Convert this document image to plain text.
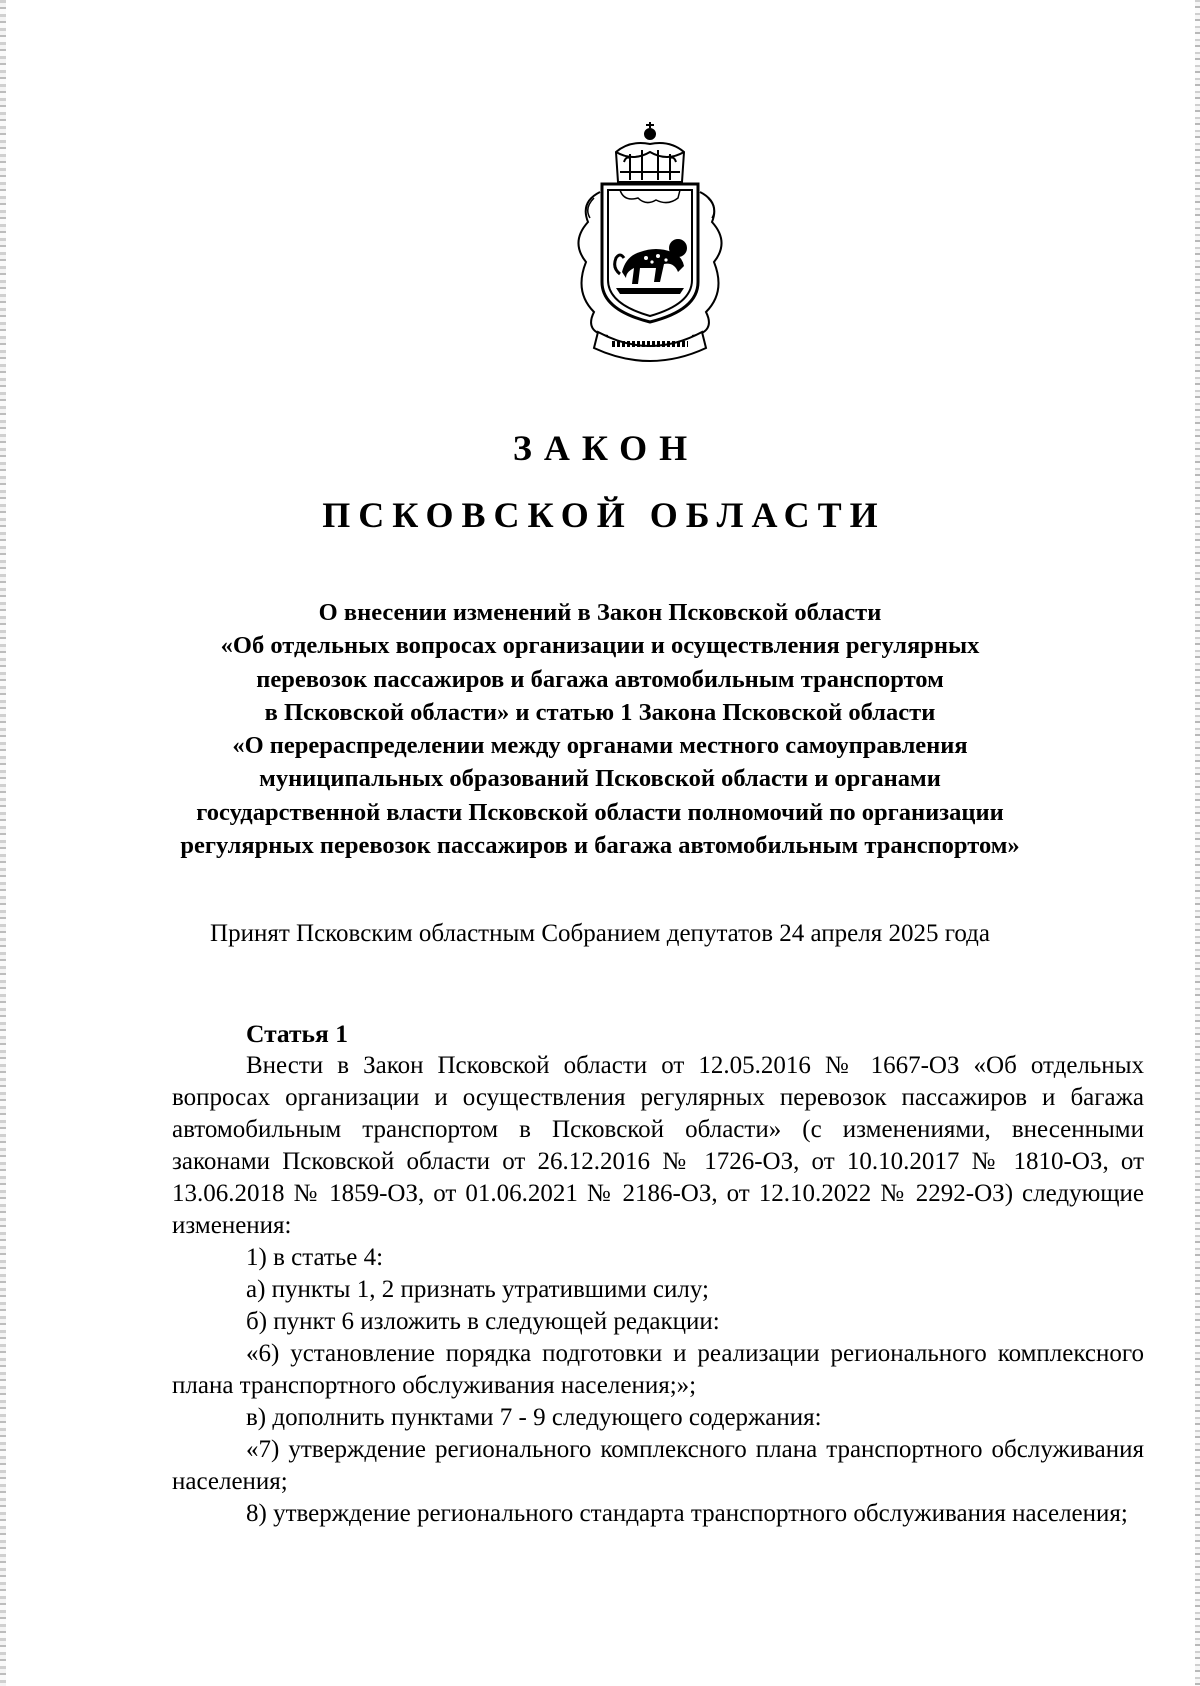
ЗАКОН
ПСКОВСКОЙ ОБЛАСТИ
О внесении изменений в Закон Псковской области
«Об отдельных вопросах организации и осуществления регулярных
перевозок пассажиров и багажа автомобильным транспортом
в Псковской области» и статью 1 Закона Псковской области
«О перераспределении между органами местного самоуправления
муниципальных образований Псковской области и органами
государственной власти Псковской области полномочий по организации
регулярных перевозок пассажиров и багажа автомобильным транспортом»
Принят Псковским областным Собранием депутатов 24 апреля 2025 года
Статья 1

Внести в Закон Псковской области от 12.05.2016 № 1667-ОЗ «Об отдельных вопросах организации и осуществления регулярных перевозок пассажиров и багажа автомобильным транспортом в Псковской области» (с изменениями, внесенными законами Псковской области от 26.12.2016 № 1726-ОЗ, от 10.10.2017 № 1810-ОЗ, от 13.06.2018 № 1859-ОЗ, от 01.06.2021 № 2186-ОЗ, от 12.10.2022 № 2292-ОЗ) следующие изменения:

1) в статье 4:

а) пункты 1, 2 признать утратившими силу;

б) пункт 6 изложить в следующей редакции:

«6) установление порядка подготовки и реализации регионального комплексного плана транспортного обслуживания населения;»;

в) дополнить пунктами 7 - 9 следующего содержания:

«7) утверждение регионального комплексного плана транспортного обслуживания населения;

8) утверждение регионального стандарта транспортного обслуживания населения;
